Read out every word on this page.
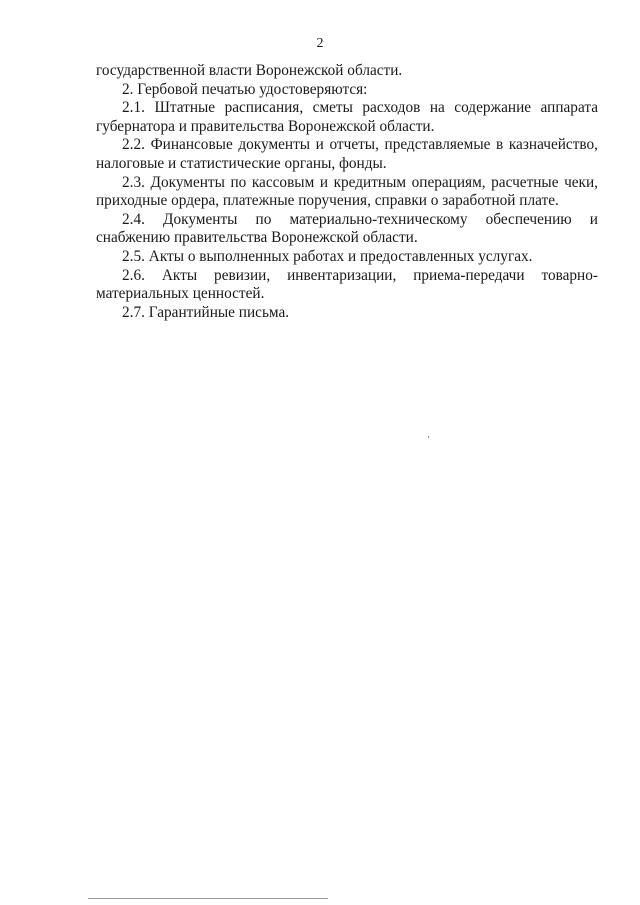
2

государственной власти Воронежской области.

2. Гербовой печатью удостоверяются:

2.1. Штатные расписания, сметы расходов на содержание аппарата губернатора и правительства Воронежской области.

2.2. Финансовые документы и отчеты, представляемые в казначейство, налоговые и статистические органы, фонды.

2.3. Документы по кассовым и кредитным операциям, расчетные чеки, приходные ордера, платежные поручения, справки о заработной плате.

2.4. Документы по материально-техническому обеспечению и снабжению правительства Воронежской области.

2.5. Акты о выполненных работах и предоставленных услугах.

2.6. Акты ревизии, инвентаризации, приема-передачи товарно-материальных ценностей.

2.7. Гарантийные письма.
